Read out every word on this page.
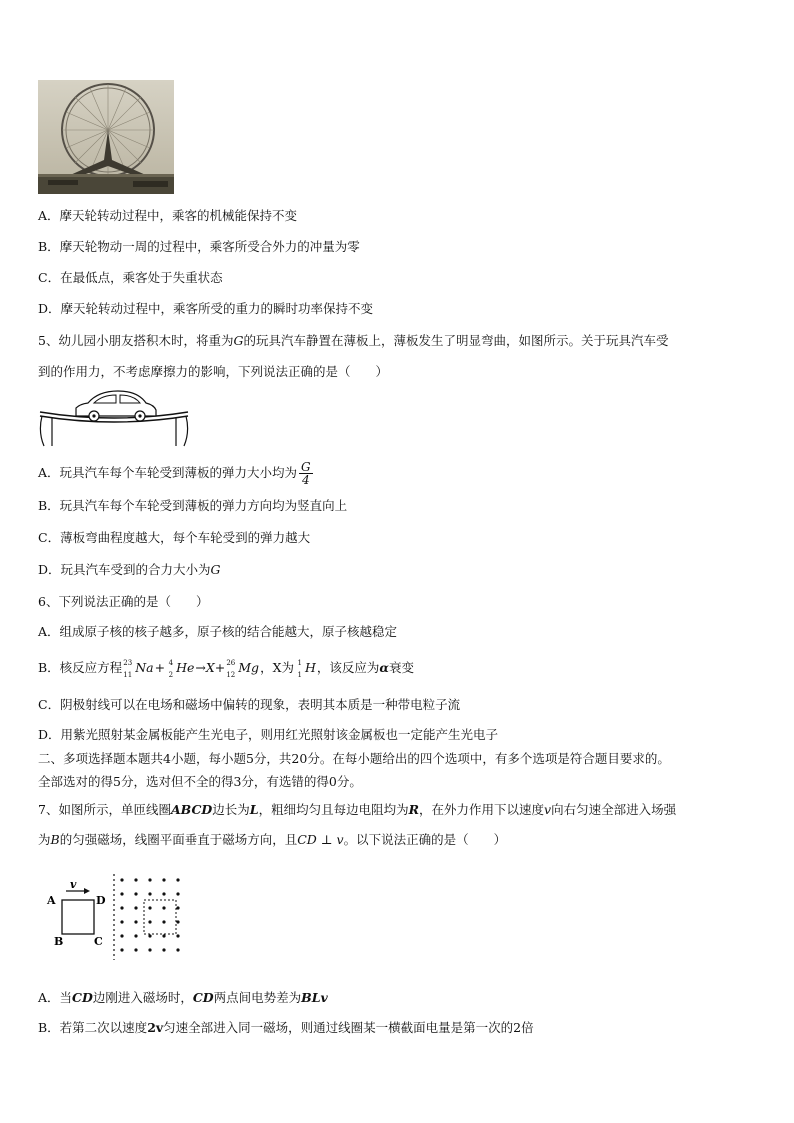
A．摩天轮转动过程中，乘客的机械能保持不变
B．摩天轮物动一周的过程中，乘客所受合外力的冲量为零
C．在最低点，乘客处于失重状态
D．摩天轮转动过程中，乘客所受的重力的瞬时功率保持不变
5、幼儿园小朋友搭积木时，将重为G的玩具汽车静置在薄板上，薄板发生了明显弯曲，如图所示。关于玩具汽车受
到的作用力，不考虑摩擦力的影响，下列说法正确的是（　　）
A．玩具汽车每个车轮受到薄板的弹力大小均为 $\frac{G}{4}$
B．玩具汽车每个车轮受到薄板的弹力方向均为竖直向上
C．薄板弯曲程度越大，每个车轮受到的弹力越大
D．玩具汽车受到的合力大小为G
6、下列说法正确的是（　　）
A．组成原子核的核子越多，原子核的结合能越大，原子核越稳定
B．核反应方程 23
11 Na+ 4
2 He→X+ 26
12 Mg，X为 1
1 H，该反应为α衰变
C．阴极射线可以在电场和磁场中偏转的现象，表明其本质是一种带电粒子流
D．用紫光照射某金属板能产生光电子，则用红光照射该金属板也一定能产生光电子
二、多项选择题本题共4小题，每小题5分，共20分。在每小题给出的四个选项中，有多个选项是符合题目要求的。
全部选对的得5分，选对但不全的得3分，有选错的得0分。
7、如图所示，单匝线圈ABCD边长为L，粗细均匀且每边电阻均为R，在外力作用下以速度v向右匀速全部进入场强
为B的匀强磁场，线圈平面垂直于磁场方向，且CD ⊥ v。以下说法正确的是（　　）
A
B	C
D
v
A．当CD边刚进入磁场时，CD两点间电势差为BLv
B．若第二次以速度2v匀速全部进入同一磁场，则通过线圈某一横截面电量是第一次的2倍
